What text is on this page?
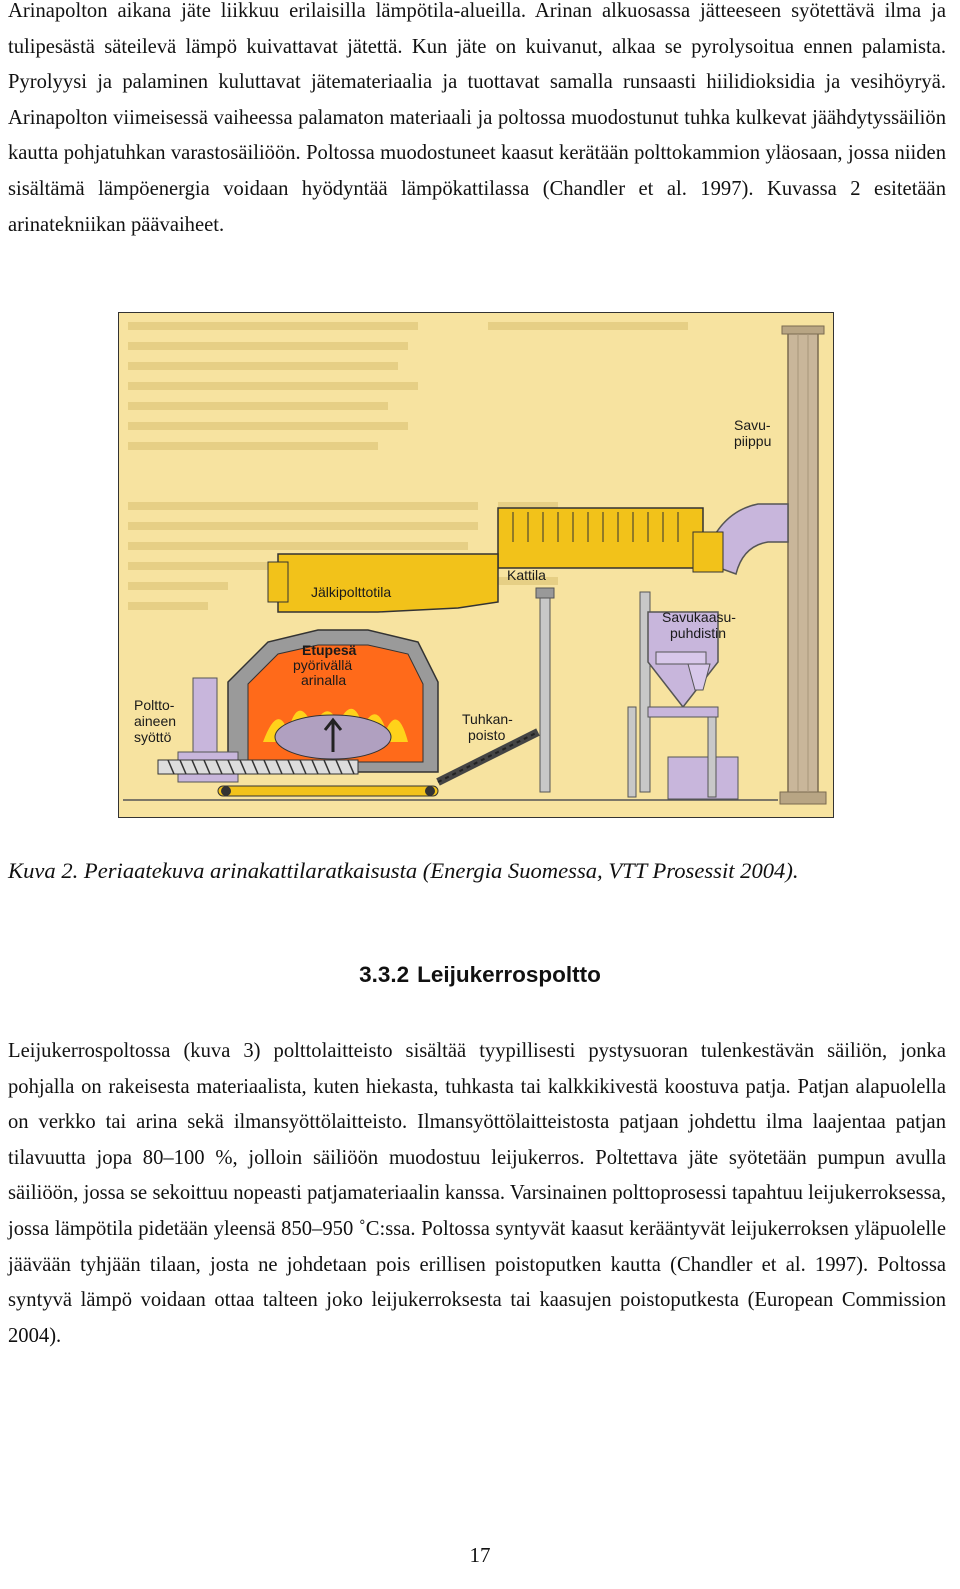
Arinapolton aikana jäte liikkuu erilaisilla lämpötila-alueilla. Arinan alkuosassa jätteeseen syötettävä ilma ja tulipesästä säteilevä lämpö kuivattavat jätettä. Kun jäte on kuivanut, alkaa se pyrolysoitua ennen palamista. Pyrolyysi ja palaminen kuluttavat jätemateriaalia ja tuottavat samalla runsaasti hiilidioksidia ja vesihöyryä. Arinapolton viimeisessä vaiheessa palamaton materiaali ja poltossa muodostunut tuhka kulkevat jäähdytyssäiliön kautta pohjatuhkan varastosäiliöön. Poltossa muodostuneet kaasut kerätään polttokammion yläosaan, jossa niiden sisältämä lämpöenergia voidaan hyödyntää lämpökattilassa (Chandler et al. 1997). Kuvassa 2 esitetään arinatekniikan päävaiheet.

Savu-
piippu
Kattila
Jälkipolttotila
Etupesä
pyörivällä
arinalla
Savukaasu-
puhdistin
Poltto-
aineen
syöttö
Tuhkan-
poisto

Kuva 2. Periaatekuva arinakattilaratkaisusta (Energia Suomessa, VTT Prosessit 2004).

3.3.2 Leijukerrospoltto

Leijukerrospoltossa (kuva 3) polttolaitteisto sisältää tyypillisesti pystysuoran tulenkestävän säiliön, jonka pohjalla on rakeisesta materiaalista, kuten hiekasta, tuhkasta tai kalkkikivestä koostuva patja. Patjan alapuolella on verkko tai arina sekä ilmansyöttölaitteisto. Ilmansyöttölaitteistosta patjaan johdettu ilma laajentaa patjan tilavuutta jopa 80–100 %, jolloin säiliöön muodostuu leijukerros. Poltettava jäte syötetään pumpun avulla säiliöön, jossa se sekoittuu nopeasti patjamateriaalin kanssa. Varsinainen polttoprosessi tapahtuu leijukerroksessa, jossa lämpötila pidetään yleensä 850–950 ˚C:ssa. Poltossa syntyvät kaasut kerääntyvät leijukerroksen yläpuolelle jäävään tyhjään tilaan, josta ne johdetaan pois erillisen poistoputken kautta (Chandler et al. 1997). Poltossa syntyvä lämpö voidaan ottaa talteen joko leijukerroksesta tai kaasujen poistoputkesta (European Commission 2004).

17
